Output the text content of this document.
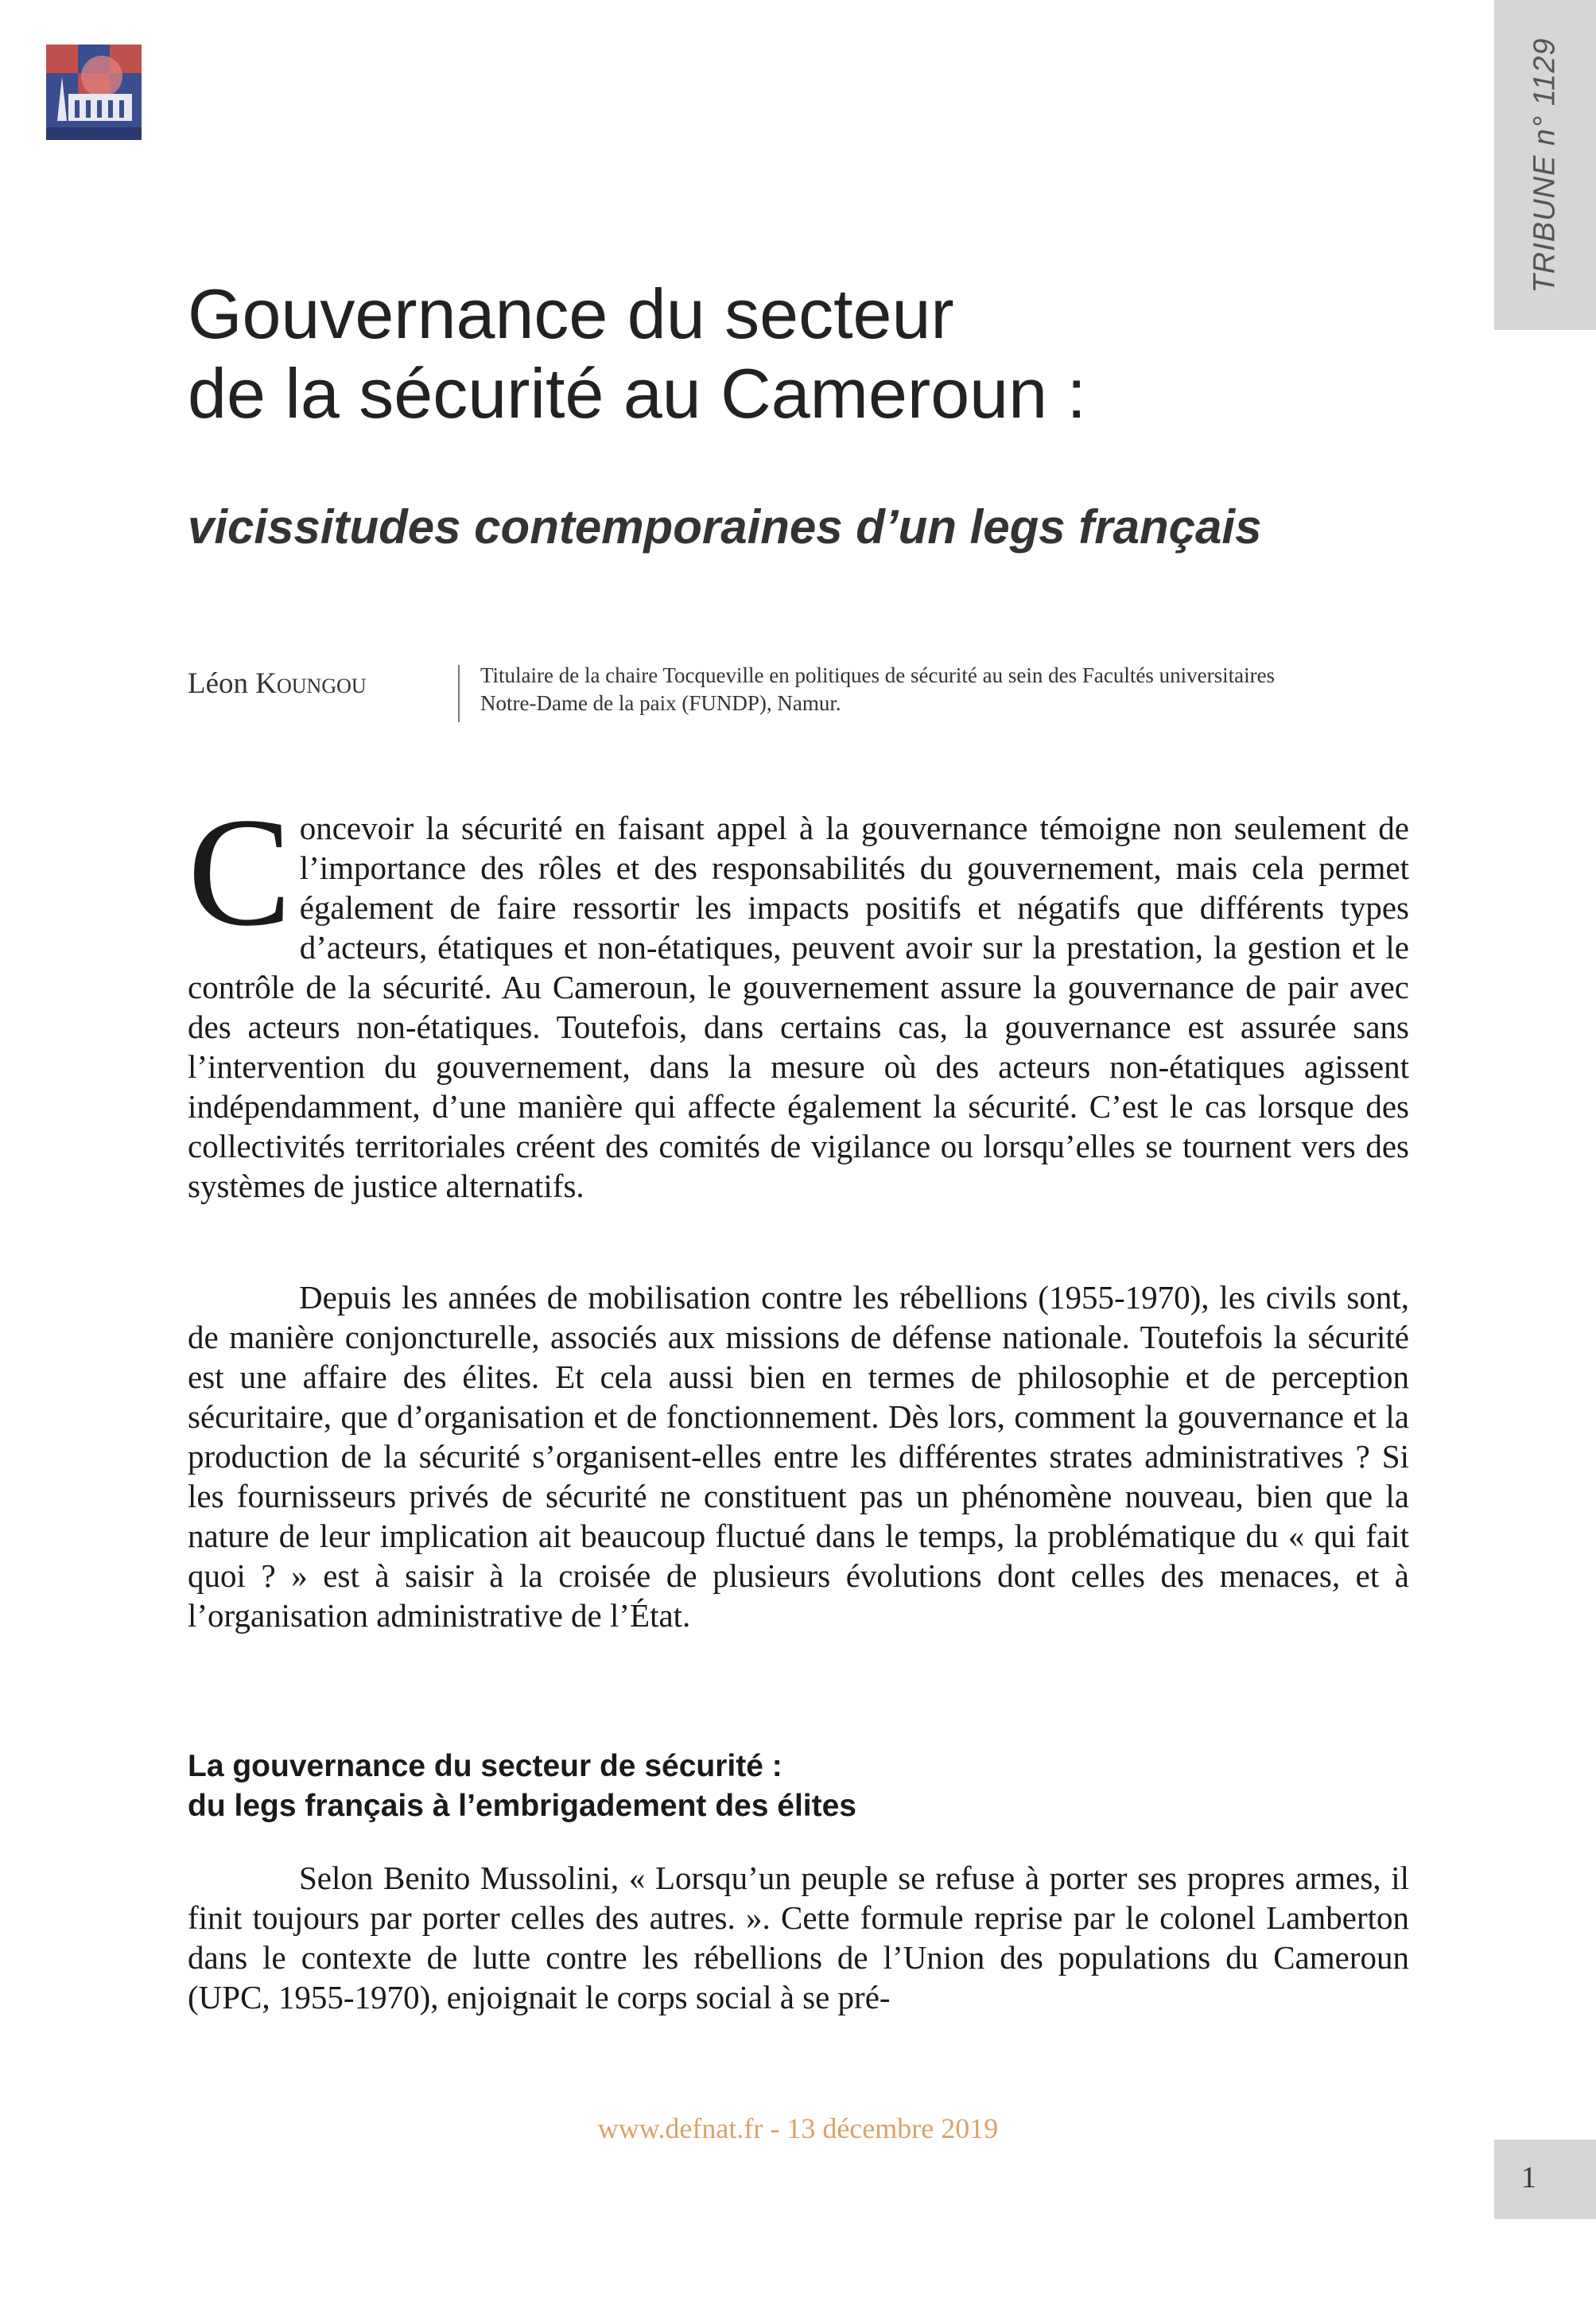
TRIBUNE n° 1129
Gouvernance du secteur
de la sécurité au Cameroun :
vicissitudes contemporaines d’un legs français
Léon Koungou	Titulaire de la chaire Tocqueville en politiques de sécurité au sein des Facultés universitaires
Notre-Dame de la paix (FUNDP), Namur.

Concevoir la sécurité en faisant appel à la gouvernance témoigne non seulement de l’importance des rôles et des responsabilités du gouvernement, mais cela permet également de faire ressortir les impacts positifs et négatifs que différents types d’acteurs, étatiques et non-étatiques, peuvent avoir sur la prestation, la gestion et le contrôle de la sécurité. Au Cameroun, le gouvernement assure la gouvernance de pair avec des acteurs non-étatiques. Toutefois, dans certains cas, la gouvernance est assurée sans l’intervention du gouvernement, dans la mesure où des acteurs non-étatiques agissent indépendamment, d’une manière qui affecte également la sécurité. C’est le cas lorsque des collectivités territoriales créent des comités de vigilance ou lorsqu’elles se tournent vers des systèmes de justice alternatifs.

Depuis les années de mobilisation contre les rébellions (1955-1970), les civils sont, de manière conjoncturelle, associés aux missions de défense nationale. Toutefois la sécurité est une affaire des élites. Et cela aussi bien en termes de philosophie et de perception sécuritaire, que d’organisation et de fonctionnement. Dès lors, comment la gouvernance et la production de la sécurité s’organisent-elles entre les différentes strates administratives ? Si les fournisseurs privés de sécurité ne constituent pas un phénomène nouveau, bien que la nature de leur implication ait beaucoup fluctué dans le temps, la problématique du « qui fait quoi ? » est à saisir à la croisée de plusieurs évolutions dont celles des menaces, et à l’organisation administrative de l’État.

La gouvernance du secteur de sécurité :
du legs français à l’embrigadement des élites

Selon Benito Mussolini, « Lorsqu’un peuple se refuse à porter ses propres armes, il finit toujours par porter celles des autres. ». Cette formule reprise par le colonel Lamberton dans le contexte de lutte contre les rébellions de l’Union des populations du Cameroun (UPC, 1955-1970), enjoignait le corps social à se pré-

www.defnat.fr - 13 décembre 2019
1
